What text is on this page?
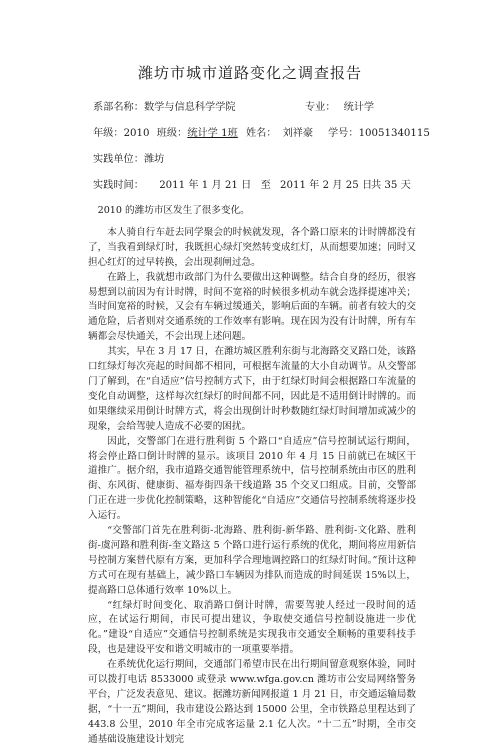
潍坊市城市道路变化之调查报告
系部名称：数学与信息科学学院	专业： 统计学
年级：2010 班级：统计学 1班 姓名： 刘祥豪 学号：10051340115
实践单位：潍坊
实践时间： 2011 年 1 月 21 日 至 2011 年 2 月 25 日
共 35 天

2010 的潍坊市区发生了很多变化。

本人骑自行车赶去同学聚会的时候就发现，各个路口原来的计时牌都没有了，当我看到绿灯时，我既担心绿灯突然转变成红灯，从而想要加速；同时又担心红灯的过早转换，会出现刹闸过急。

在路上，我就想市政部门为什么要做出这种调整。结合自身的经历，很容易想到以前因为有计时牌，时间不宽裕的时候很多机动车就会选择提速冲关；当时间宽裕的时候，又会有车辆过缓通关，影响后面的车辆。前者有较大的交通危险，后者则对交通系统的工作效率有影响。现在因为没有计时牌，所有车辆都会尽快通关，不会出现上述问题。

其实，早在 3 月 17 日，在潍坊城区胜利东街与北海路交叉路口处，该路口红绿灯每次亮起的时间都不相同，可根据车流量的大小自动调节。从交警部门了解到，在“自适应”信号控制方式下，由于红绿灯时间会根据路口车流量的变化自动调整，这样每次红绿灯的时间都不同，因此是不适用倒计时牌的。而如果继续采用倒计时牌方式，将会出现倒计时秒数随红绿灯时间增加或减少的现象，会给驾驶人造成不必要的困扰。

因此，交警部门在进行胜利街 5 个路口“自适应”信号控制试运行期间，将会停止路口倒计时牌的显示。该项目 2010 年 4 月 15 日前就已在城区干道推广。据介绍，我市道路交通智能管理系统中，信号控制系统由市区的胜利街、东风街、健康街、福寿街四条干线道路 35 个交叉口组成。目前，交警部门正在进一步优化控制策略，这种智能化“自适应”交通信号控制系统将逐步投入运行。

“交警部门首先在胜利街-北海路、胜利街-新华路、胜利街-文化路、胜利街-虞河路和胜利街-奎文路这 5 个路口进行运行系统的优化，期间将应用新信号控制方案替代原有方案，更加科学合理地调控路口的红绿灯时间。”预计这种方式可在现有基础上，减少路口车辆因为排队而造成的时间延误 15%以上，提高路口总体通行效率 10%以上。

“红绿灯时间变化、取消路口倒计时牌，需要驾驶人经过一段时间的适应，在试运行期间，市民可提出建议，争取使交通信号控制设施进一步优化。”建设“自适应”交通信号控制系统是实现我市交通安全顺畅的重要科技手段，也是建设平安和谐文明城市的一项重要举措。

在系统优化运行期间，交通部门希望市民在出行期间留意观察体验，同时可以拨打电话 8533000 或登录 www.wfga.gov.cn 潍坊市公安局网络警务平台，广泛发表意见、建议。据潍坊新闻网报道 1 月 21 日，市交通运输局数据，“十一五”期间，我市建设公路达到 15000 公里，全市铁路总里程达到了 443.8 公里，2010 年全市完成客运量 2.1 亿人次。“十二五”时期，全市交通基础设施建设计划完
